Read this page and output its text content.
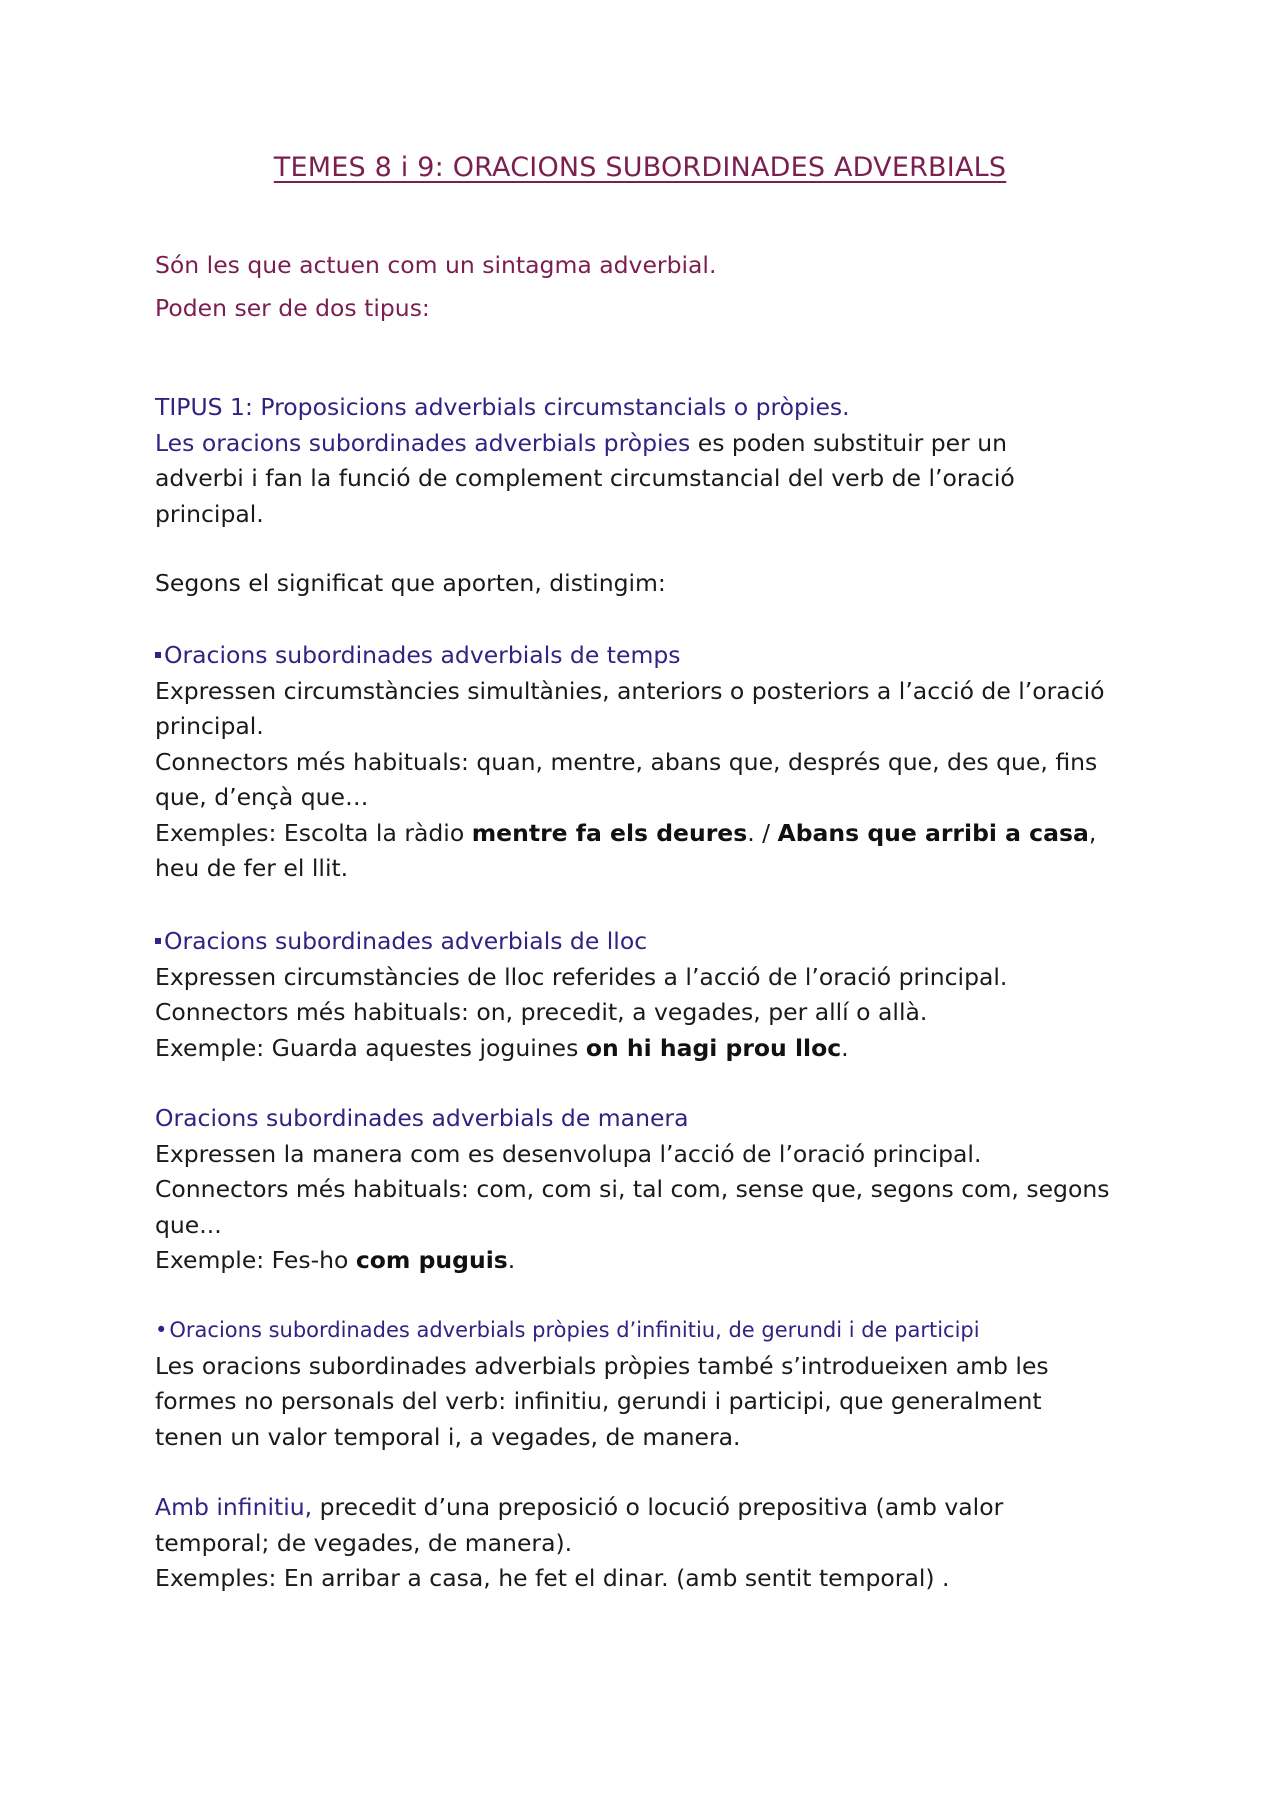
TEMES 8 i 9: ORACIONS SUBORDINADES ADVERBIALS
Són les que actuen com un sintagma adverbial.
Poden ser de dos tipus:
TIPUS 1: Proposicions adverbials circumstancials o pròpies.
Les oracions subordinades adverbials pròpies es poden substituir per un
adverbi i fan la funció de complement circumstancial del verb de l’oració
principal.
Segons el significat que aporten, distingim:
Oracions subordinades adverbials de temps
Expressen circumstàncies simultànies, anteriors o posteriors a l’acció de l’oració
principal.
Connectors més habituals: quan, mentre, abans que, després que, des que, fins
que, d’ençà que…
Exemples: Escolta la ràdio mentre fa els deures. / Abans que arribi a casa,
heu de fer el llit.
Oracions subordinades adverbials de lloc
Expressen circumstàncies de lloc referides a l’acció de l’oració principal.
Connectors més habituals: on, precedit, a vegades, per allí o allà.
Exemple: Guarda aquestes joguines on hi hagi prou lloc.
Oracions subordinades adverbials de manera
Expressen la manera com es desenvolupa l’acció de l’oració principal.
Connectors més habituals: com, com si, tal com, sense que, segons com, segons
que...
Exemple: Fes-ho com puguis.
•Oracions subordinades adverbials pròpies d’infinitiu, de gerundi i de participi
Les oracions subordinades adverbials pròpies també s’introdueixen amb les
formes no personals del verb: infinitiu, gerundi i participi, que generalment
tenen un valor temporal i, a vegades, de manera.
Amb infinitiu, precedit d’una preposició o locució prepositiva (amb valor
temporal; de vegades, de manera).
Exemples: En arribar a casa, he fet el dinar. (amb sentit temporal) .
